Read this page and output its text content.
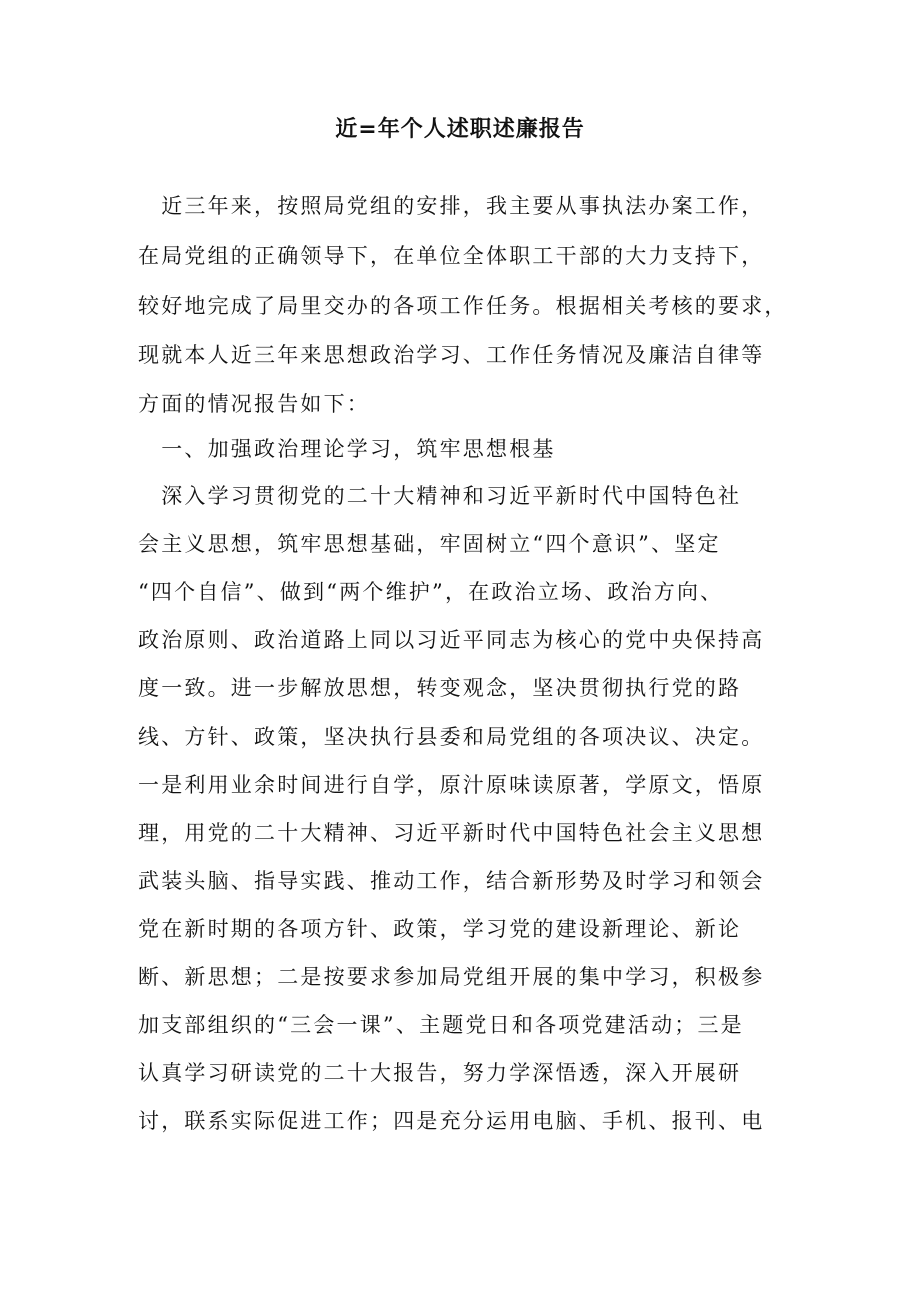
近=年个人述职述廉报告

　近三年来，按照局党组的安排，我主要从事执法办案工作，

在局党组的正确领导下，在单位全体职工干部的大力支持下，

较好地完成了局里交办的各项工作任务。根据相关考核的要求，

现就本人近三年来思想政治学习、工作任务情况及廉洁自律等

方面的情况报告如下：

　一、加强政治理论学习，筑牢思想根基

　深入学习贯彻党的二十大精神和习近平新时代中国特色社

会主义思想，筑牢思想基础，牢固树立“四个意识”、坚定

“四个自信”、做到“两个维护”，在政治立场、政治方向、

政治原则、政治道路上同以习近平同志为核心的党中央保持高

度一致。进一步解放思想，转变观念，坚决贯彻执行党的路

线、方针、政策，坚决执行县委和局党组的各项决议、决定。

一是利用业余时间进行自学，原汁原味读原著，学原文，悟原

理，用党的二十大精神、习近平新时代中国特色社会主义思想

武装头脑、指导实践、推动工作，结合新形势及时学习和领会

党在新时期的各项方针、政策，学习党的建设新理论、新论

断、新思想；二是按要求参加局党组开展的集中学习，积极参

加支部组织的“三会一课”、主题党日和各项党建活动；三是

认真学习研读党的二十大报告，努力学深悟透，深入开展研

讨，联系实际促进工作；四是充分运用电脑、手机、报刊、电
